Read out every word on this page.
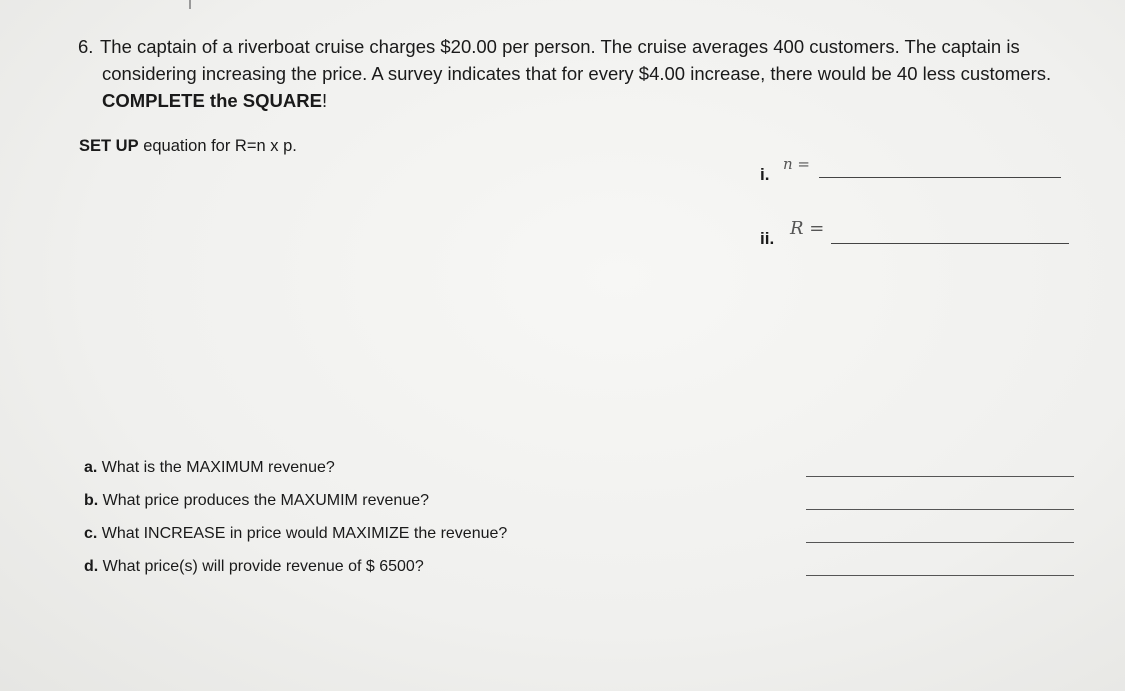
6. The captain of a riverboat cruise charges $20.00 per person. The cruise averages 400 customers. The captain is considering increasing the price. A survey indicates that for every $4.00 increase, there would be 40 less customers.
COMPLETE the SQUARE!
SET UP equation for R=n x p.
i.
n =
ii. R =
a. What is the MAXIMUM revenue?
b. What price produces the MAXUMIM revenue?
c. What INCREASE in price would MAXIMIZE the revenue?
d. What price(s) will provide revenue of $ 6500?
